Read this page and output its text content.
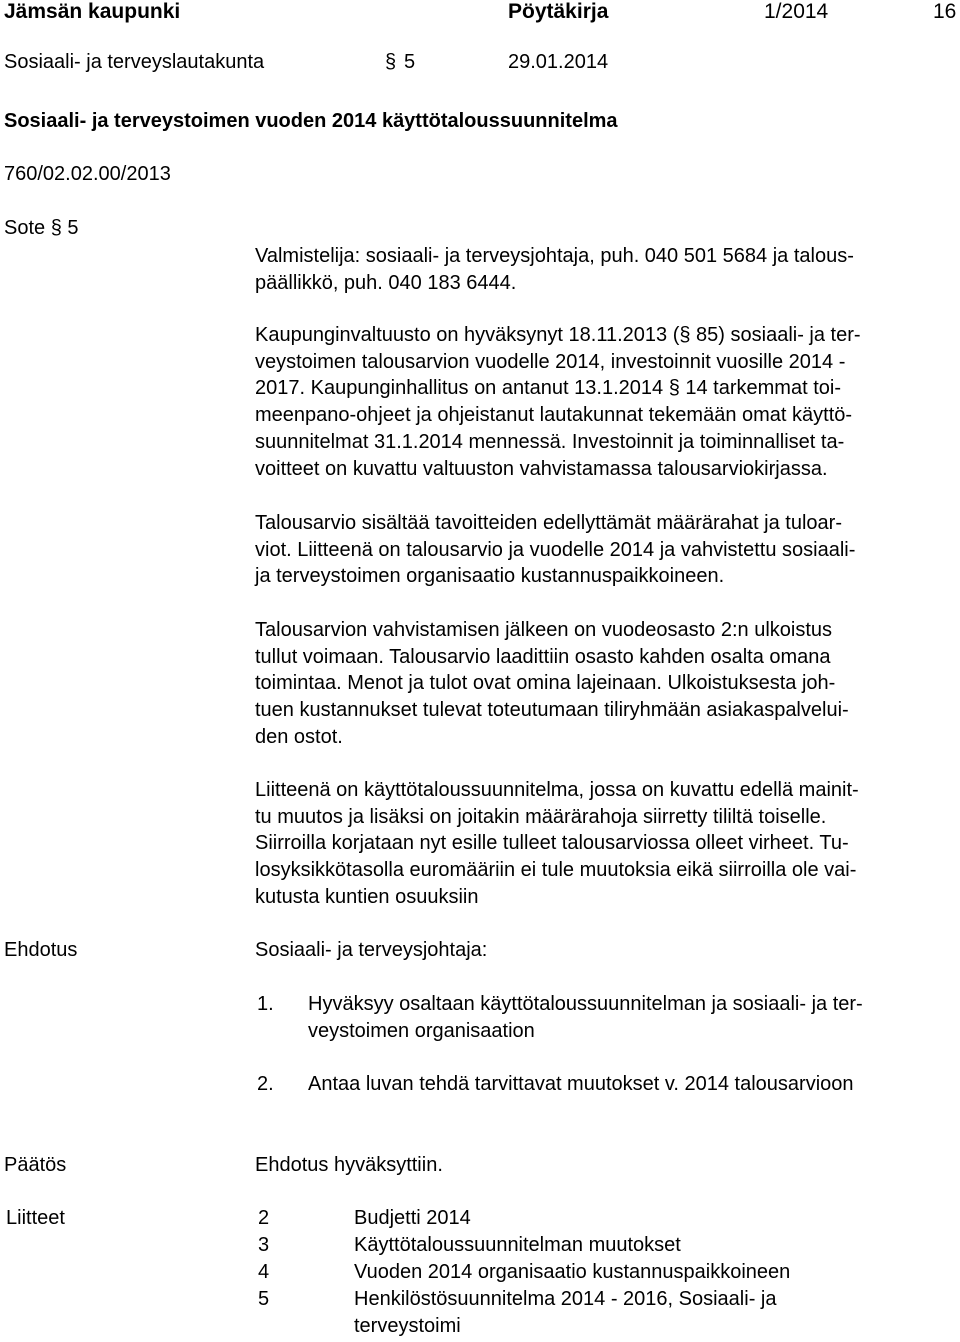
Jämsän kaupunki	Pöytäkirja	1/2014	16
Sosiaali- ja terveyslautakunta	§ 5	29.01.2014
Sosiaali- ja terveystoimen vuoden 2014 käyttötaloussuunnitelma
760/02.02.00/2013
Sote § 5
Valmistelija: sosiaali- ja terveysjohtaja, puh. 040 501 5684 ja talous-
päällikkö, puh. 040 183 6444.
Kaupunginvaltuusto on hyväksynyt 18.11.2013 (§ 85) sosiaali- ja ter-
veystoimen talousarvion vuodelle 2014, investoinnit vuosille 2014 -
2017. Kaupunginhallitus on antanut 13.1.2014 § 14 tarkemmat toi-
meenpano-ohjeet ja ohjeistanut lautakunnat tekemään omat käyttö-
suunnitelmat 31.1.2014 mennessä. Investoinnit ja toiminnalliset ta-
voitteet on kuvattu valtuuston vahvistamassa talousarviokirjassa.
Talousarvio sisältää tavoitteiden edellyttämät määrärahat ja tuloar-
viot. Liitteenä on talousarvio ja vuodelle 2014 ja vahvistettu sosiaali-
ja terveystoimen organisaatio kustannuspaikkoineen.
Talousarvion vahvistamisen jälkeen on vuodeosasto 2:n ulkoistus
tullut voimaan. Talousarvio laadittiin osasto kahden osalta omana
toimintaa. Menot ja tulot ovat omina lajeinaan. Ulkoistuksesta joh-
tuen kustannukset tulevat toteutumaan tiliryhmään asiakaspalvelui-
den ostot.
Liitteenä on käyttötaloussuunnitelma, jossa on kuvattu edellä mainit-
tu muutos ja lisäksi on joitakin määrärahoja siirretty tililtä toiselle.
Siirroilla korjataan nyt esille tulleet talousarviossa olleet virheet. Tu-
losyksikkötasolla euromääriin ei tule muutoksia eikä siirroilla ole vai-
kutusta kuntien osuuksiin
Ehdotus	Sosiaali- ja terveysjohtaja:
1. Hyväksyy osaltaan käyttötaloussuunnitelman ja sosiaali- ja ter-
veystoimen organisaation
2. Antaa luvan tehdä tarvittavat muutokset v. 2014 talousarvioon
Päätös	Ehdotus hyväksyttiin.
Liitteet	2	Budjetti 2014
3	Käyttötaloussuunnitelman muutokset
4	Vuoden 2014 organisaatio kustannuspaikkoineen
5	Henkilöstösuunnitelma 2014 - 2016, Sosiaali- ja
terveystoimi
